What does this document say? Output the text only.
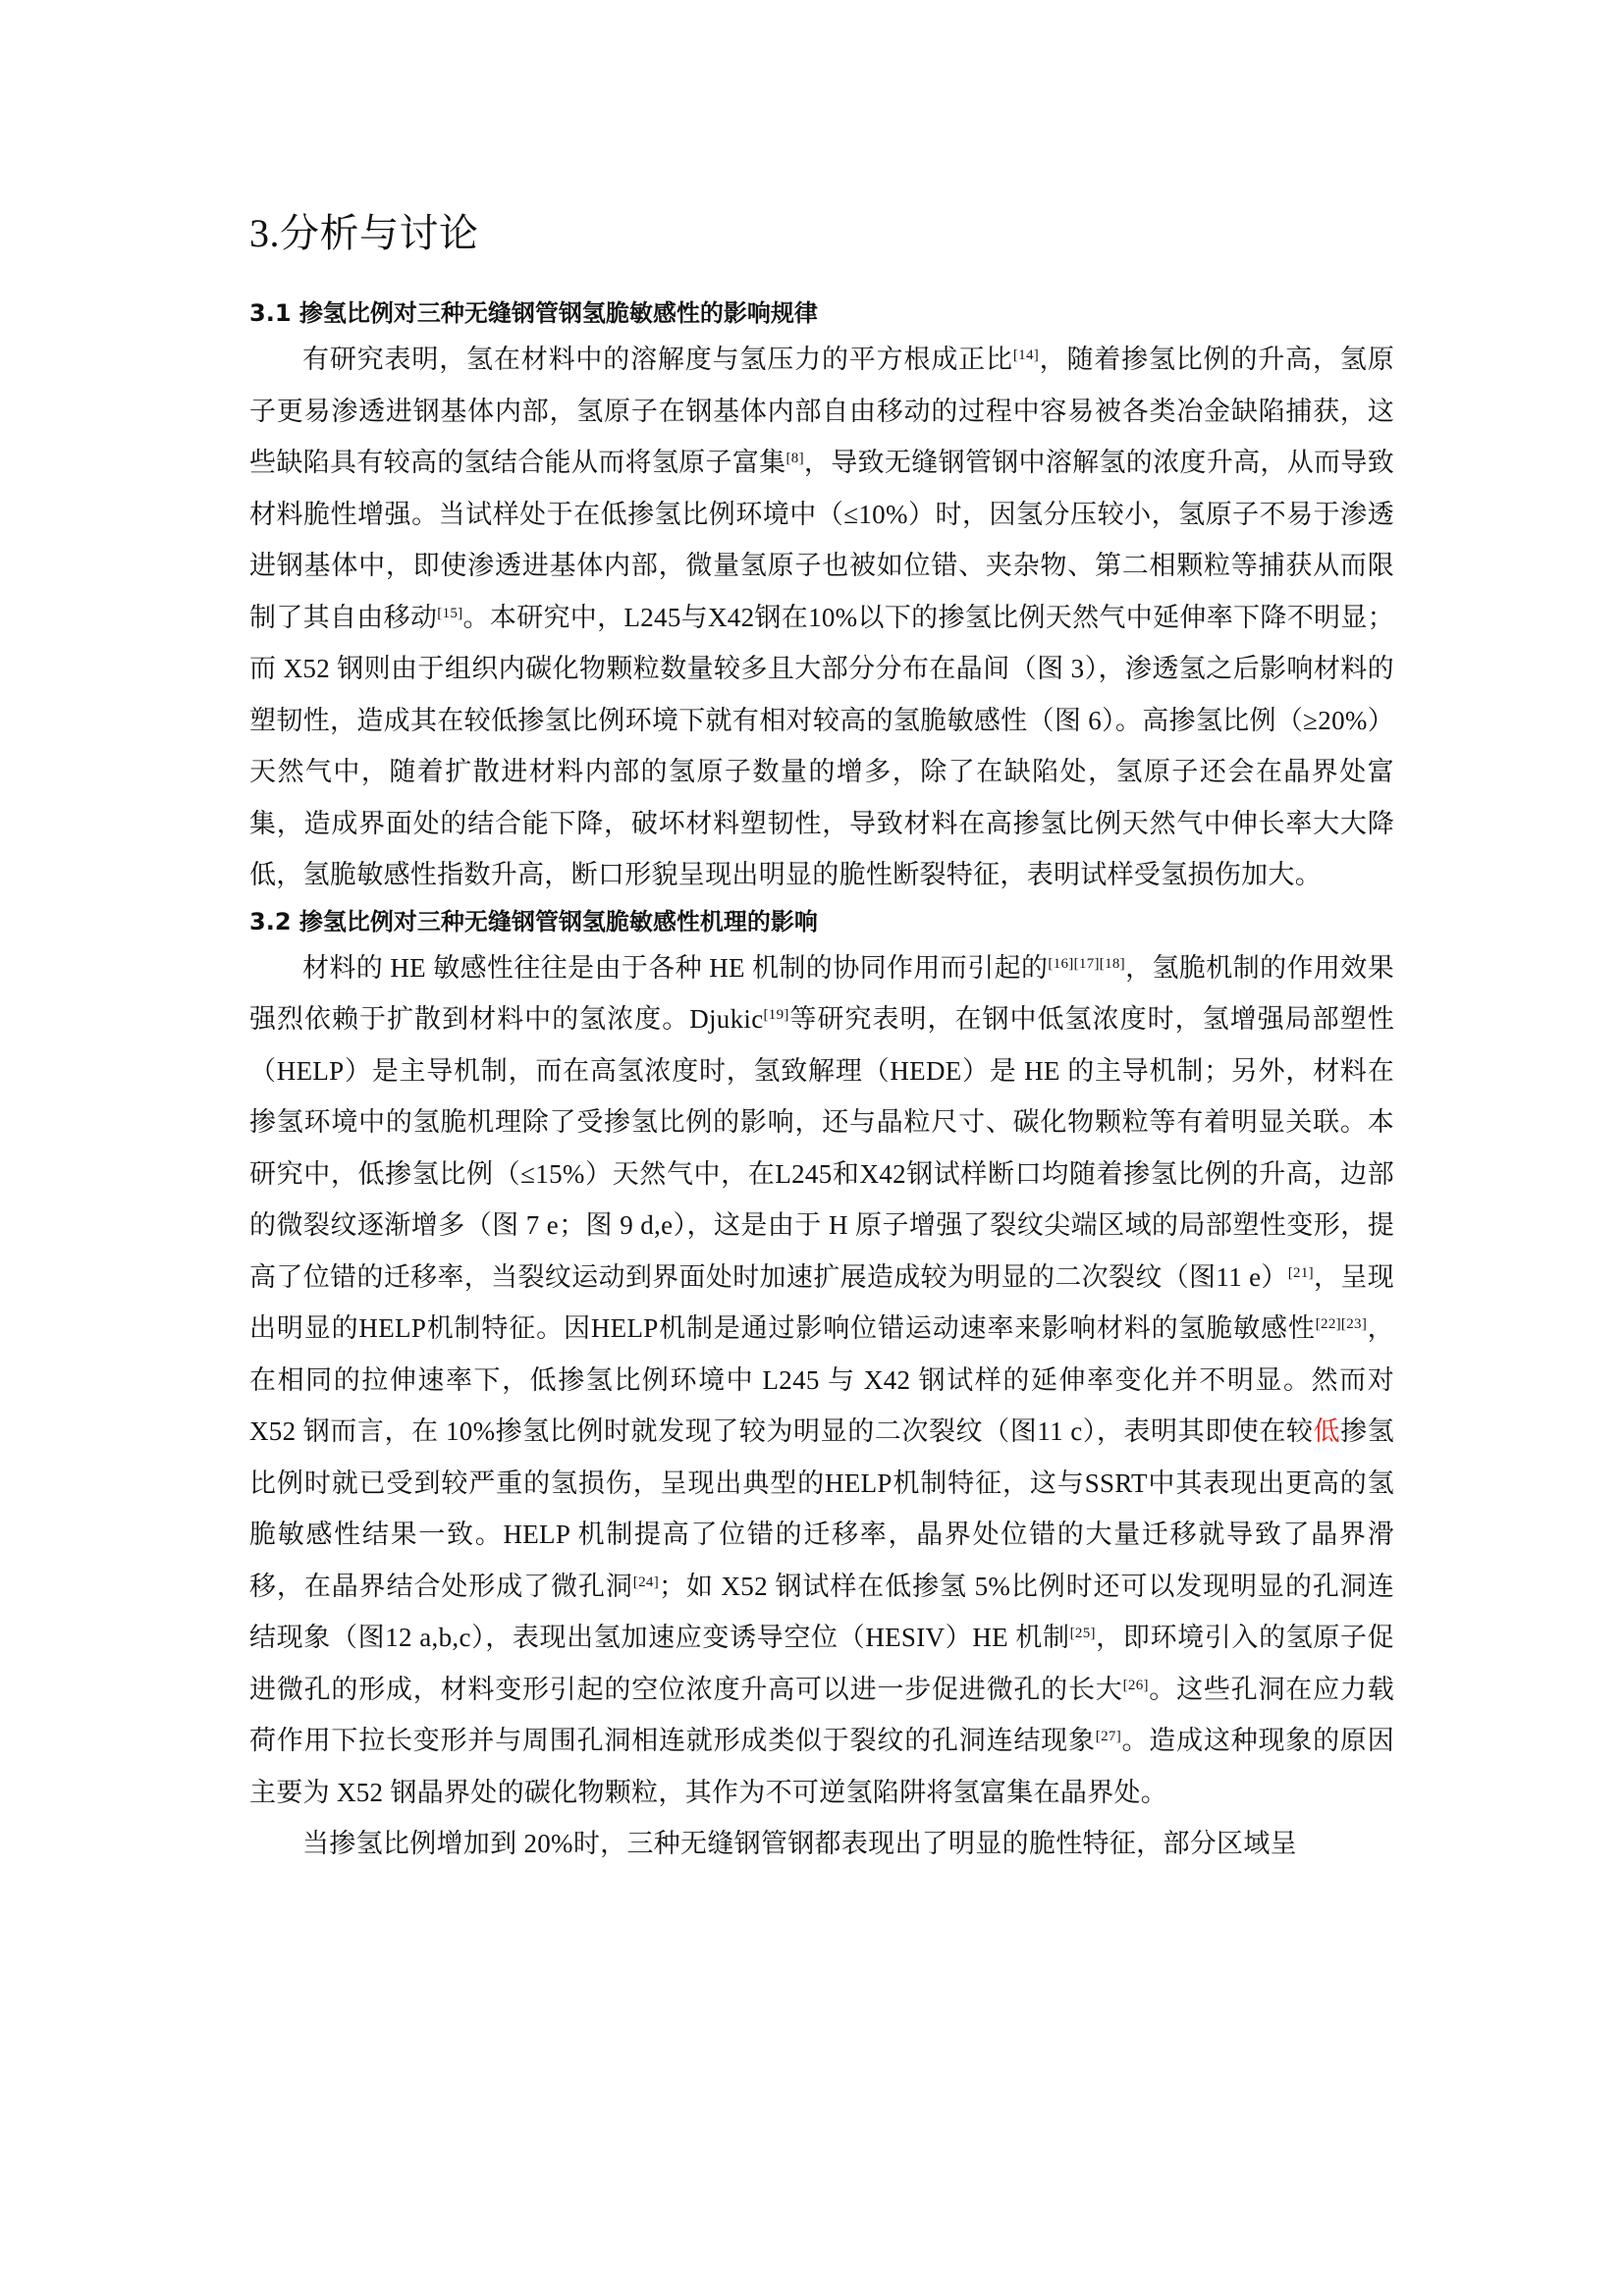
3.分析与讨论
3.1 掺氢比例对三种无缝钢管钢氢脆敏感性的影响规律

有研究表明，氢在材料中的溶解度与氢压力的平方根成正比[14]，随着掺氢比例的升高，氢原子更易渗透进钢基体内部，氢原子在钢基体内部自由移动的过程中容易被各类冶金缺陷捕获，这些缺陷具有较高的氢结合能从而将氢原子富集[8]，导致无缝钢管钢中溶解氢的浓度升高，从而导致材料脆性增强。当试样处于在低掺氢比例环境中（≤10%）时，因氢分压较小，氢原子不易于渗透进钢基体中，即使渗透进基体内部，微量氢原子也被如位错、夹杂物、第二相颗粒等捕获从而限制了其自由移动[15]。本研究中，L245与X42钢在10%以下的掺氢比例天然气中延伸率下降不明显；而 X52 钢则由于组织内碳化物颗粒数量较多且大部分分布在晶间（图 3），渗透氢之后影响材料的塑韧性，造成其在较低掺氢比例环境下就有相对较高的氢脆敏感性（图 6）。高掺氢比例（≥20%）天然气中，随着扩散进材料内部的氢原子数量的增多，除了在缺陷处，氢原子还会在晶界处富集，造成界面处的结合能下降，破坏材料塑韧性，导致材料在高掺氢比例天然气中伸长率大大降低，氢脆敏感性指数升高，断口形貌呈现出明显的脆性断裂特征，表明试样受氢损伤加大。

3.2 掺氢比例对三种无缝钢管钢氢脆敏感性机理的影响

材料的 HE 敏感性往往是由于各种 HE 机制的协同作用而引起的[16][17][18]，氢脆机制的作用效果强烈依赖于扩散到材料中的氢浓度。Djukic[19]等研究表明，在钢中低氢浓度时，氢增强局部塑性（HELP）是主导机制，而在高氢浓度时，氢致解理（HEDE）是 HE 的主导机制；另外，材料在掺氢环境中的氢脆机理除了受掺氢比例的影响，还与晶粒尺寸、碳化物颗粒等有着明显关联。本研究中，低掺氢比例（≤15%）天然气中，在L245和X42钢试样断口均随着掺氢比例的升高，边部的微裂纹逐渐增多（图 7 e；图 9 d,e），这是由于 H 原子增强了裂纹尖端区域的局部塑性变形，提高了位错的迁移率，当裂纹运动到界面处时加速扩展造成较为明显的二次裂纹（图11 e）[21]，呈现出明显的HELP机制特征。因HELP机制是通过影响位错运动速率来影响材料的氢脆敏感性[22][23]，在相同的拉伸速率下，低掺氢比例环境中 L245 与 X42 钢试样的延伸率变化并不明显。然而对 X52 钢而言，在 10%掺氢比例时就发现了较为明显的二次裂纹（图11 c），表明其即使在较低掺氢比例时就已受到较严重的氢损伤，呈现出典型的HELP机制特征，这与SSRT中其表现出更高的氢脆敏感性结果一致。HELP 机制提高了位错的迁移率，晶界处位错的大量迁移就导致了晶界滑移，在晶界结合处形成了微孔洞[24]；如 X52 钢试样在低掺氢 5%比例时还可以发现明显的孔洞连结现象（图12 a,b,c），表现出氢加速应变诱导空位（HESIV）HE 机制[25]，即环境引入的氢原子促进微孔的形成，材料变形引起的空位浓度升高可以进一步促进微孔的长大[26]。这些孔洞在应力载荷作用下拉长变形并与周围孔洞相连就形成类似于裂纹的孔洞连结现象[27]。造成这种现象的原因主要为 X52 钢晶界处的碳化物颗粒，其作为不可逆氢陷阱将氢富集在晶界处。

当掺氢比例增加到 20%时，三种无缝钢管钢都表现出了明显的脆性特征，部分区域呈
